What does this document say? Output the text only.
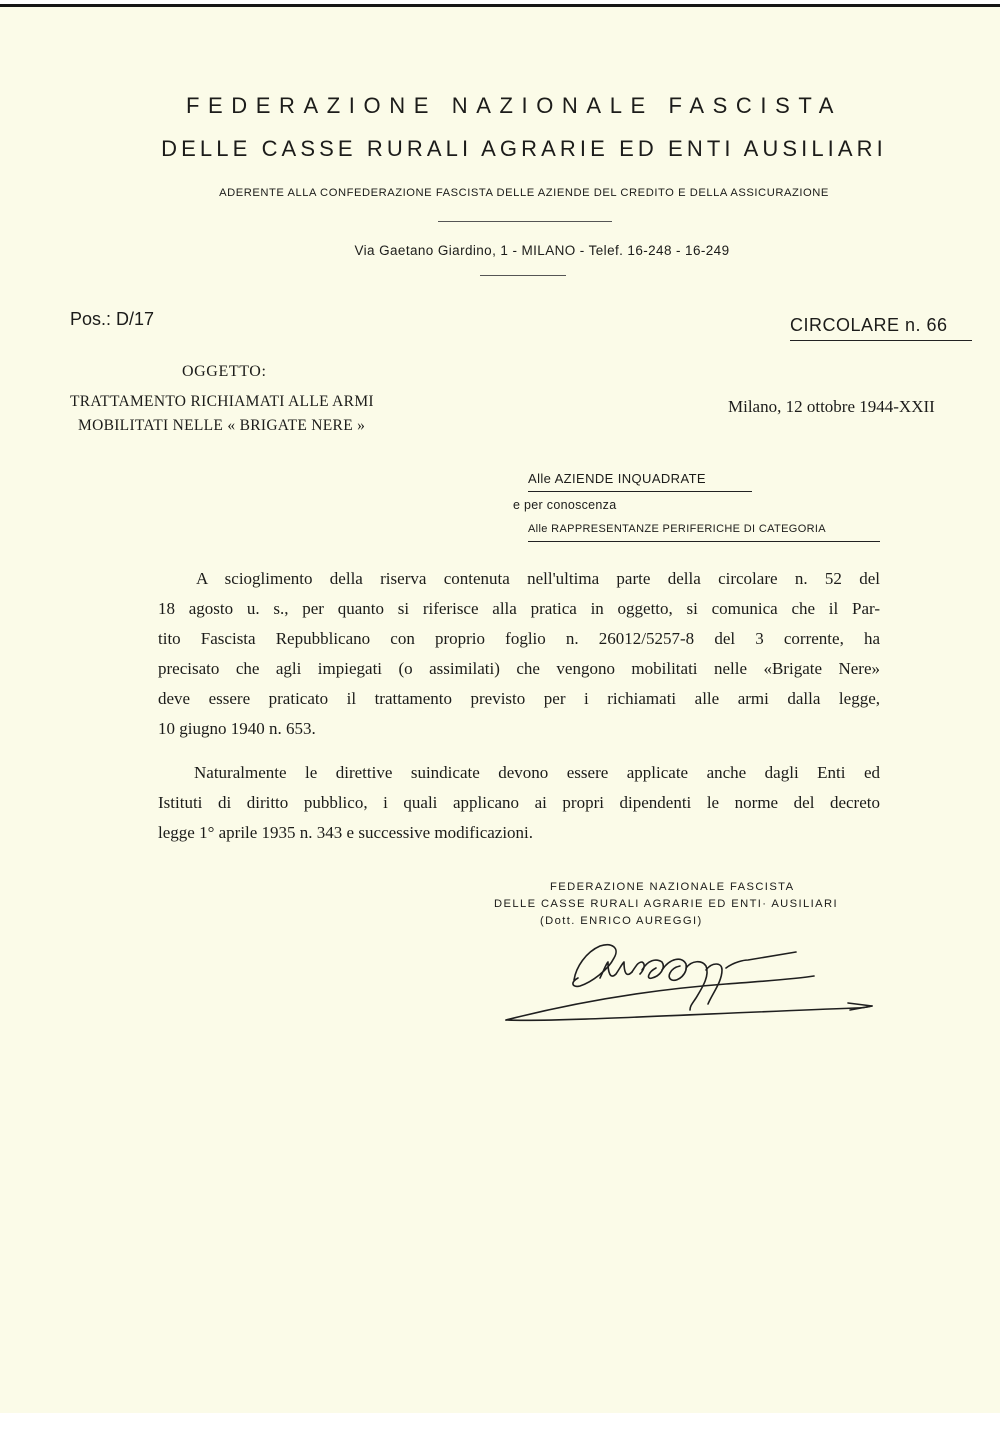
FEDERAZIONE NAZIONALE FASCISTA
DELLE CASSE RURALI AGRARIE ED ENTI AUSILIARI
ADERENTE ALLA CONFEDERAZIONE FASCISTA DELLE AZIENDE DEL CREDITO E DELLA ASSICURAZIONE
Via Gaetano Giardino, 1 - MILANO - Telef. 16-248 - 16-249
Pos.: D/17	CIRCOLARE n. 66
OGGETTO:
TRATTAMENTO RICHIAMATI ALLE ARMI
MOBILITATI NELLE « BRIGATE NERE »
Milano, 12 ottobre 1944-XXII
Alle AZIENDE INQUADRATE
e per conoscenza
Alle RAPPRESENTANZE PERIFERICHE DI CATEGORIA
A scioglimento della riserva contenuta nell'ultima parte della circolare n. 52 del
18 agosto u. s., per quanto si riferisce alla pratica in oggetto, si comunica che il Par-
tito Fascista Repubblicano con proprio foglio n. 26012/5257-8 del 3 corrente, ha
precisato che agli impiegati (o assimilati) che vengono mobilitati nelle «Brigate Nere»
deve essere praticato il trattamento previsto per i richiamati alle armi dalla legge,
10 giugno 1940 n. 653.
Naturalmente le direttive suindicate devono essere applicate anche dagli Enti ed
Istituti di diritto pubblico, i quali applicano ai propri dipendenti le norme del decreto
legge 1° aprile 1935 n. 343 e successive modificazioni.
FEDERAZIONE NAZIONALE FASCISTA
DELLE CASSE RURALI AGRARIE ED ENTI· AUSILIARI
(Dott. ENRICO AUREGGI)
